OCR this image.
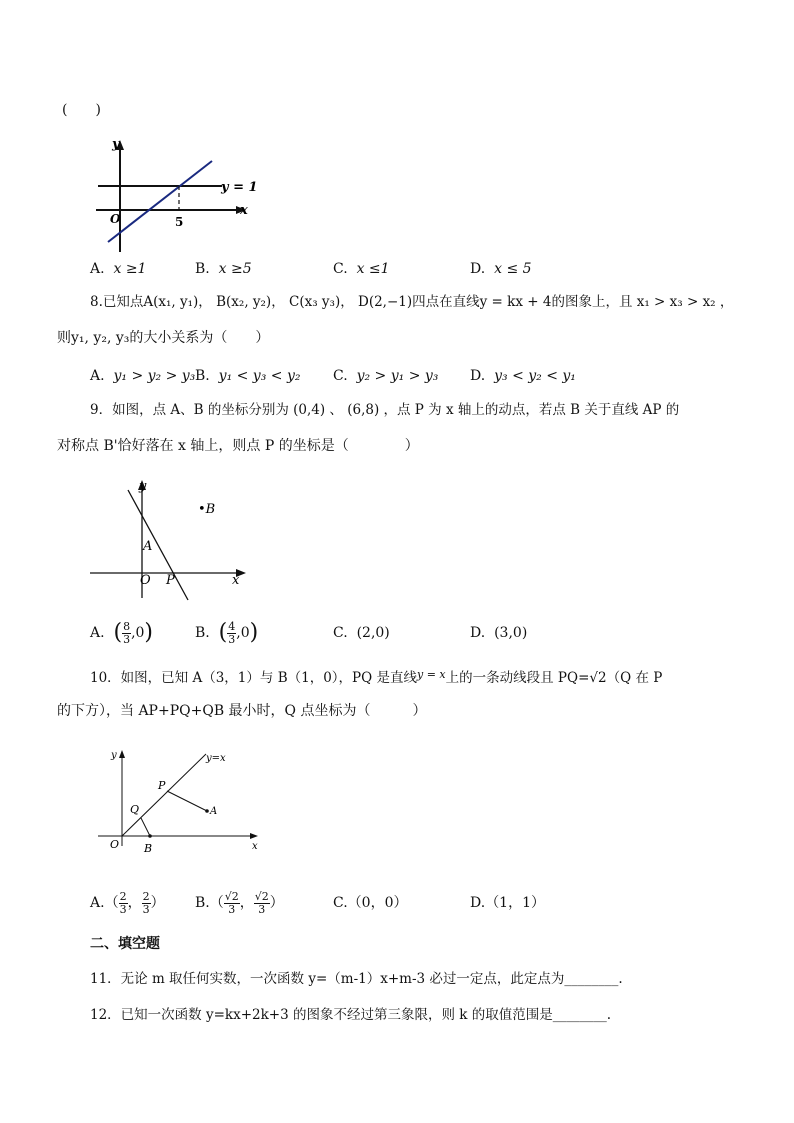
(　　)
y
x
O
y = 1
5
A. x ≥1	B. x ≥5	C. x ≤1	D. x ≤ 5
8.已知点A(x₁, y₁)， B(x₂, y₂)， C(x₃ y₃)， D(2,−1)四点在直线y = kx + 4的图象上，且 x₁ > x₃ > x₂ ，
则y₁, y₂, y₃的大小关系为（　　）
A. y₁ > y₂ > y₃ B. y₁ < y₃ < y₂ C. y₂ > y₁ > y₃ D. y₃ < y₂ < y₁
9．如图，点 A、B 的坐标分别为 (0,4) 、 (6,8) ，点 P 为 x 轴上的动点，若点 B 关于直线 AP 的
对称点 B'恰好落在 x 轴上，则点 P 的坐标是（　　　　）
y
x
O
A
•B
P
A. ( $\frac{8}{3} ,0$)	B. ( $\frac{4}{3} ,0$)	C. (2,0)	D. (3,0)
10．如图，已知 A（3，1）与 B（1，0），PQ 是直线$^{y = x}$上的一条动线段且 PQ=√2（Q 在 P
的下方），当 AP+PQ+QB 最小时，Q 点坐标为（　　　）
y
x
O
y=x
P
Q	A
B
$A.( \frac{2}{3}$ ， $\frac{2}{3}$ ） $B.( \frac{√2}{3}$ ， $\frac{√2}{3}$ ）	C.（0，0）	D.（1，1）
二、填空题
11．无论 m 取任何实数，一次函数 y=（m-1）x+m-3 必过一定点，此定点为________.
12．已知一次函数 y=kx+2k+3 的图象不经过第三象限，则 k 的取值范围是________.
